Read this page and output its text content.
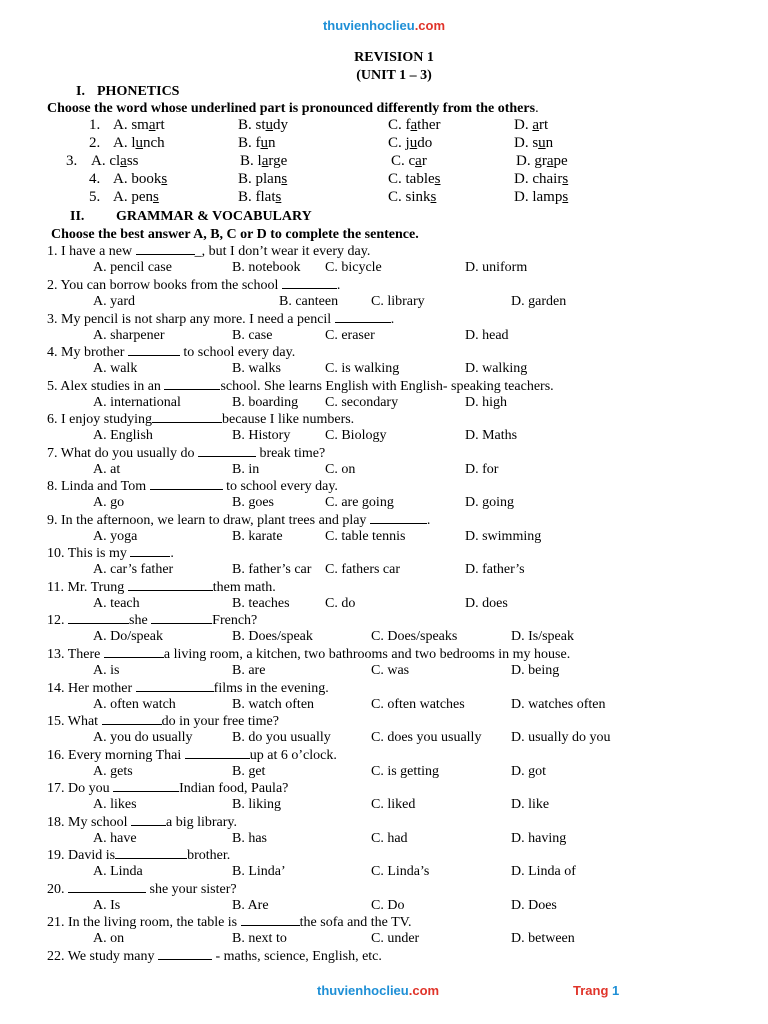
thuvienhoclieu.com
REVISION 1
(UNIT 1 – 3)
I. PHONETICS
Choose the word whose underlined part is pronounced differently from the others.
1. A. smart	B. study	C. father	D. art
2. A. lunch	B. fun	C. judo	D. sun
3. A. class	B. large	C. car	D. grape
4. A. books	B. plans	C. tables	D. chairs
5. A. pens	B. flats	C. sinks	D. lamps
II. GRAMMAR & VOCABULARY
Choose the best answer A, B, C or D to complete the sentence.
1. I have a new	_, but I don’t wear it every day.
A. pencil case	B. notebook C. bicycle	D. uniform
2. You can borrow books from the school	.
A. yard	B. canteen C. library	D. garden
3. My pencil is not sharp any more. I need a pencil	.
A. sharpener	B. case	C. eraser	D. head
4. My brother	to school every day.
A. walk	B. walks	C. is walking	D. walking
5. Alex studies in an	school. She learns English with English- speaking teachers.
A. international	B. boarding C. secondary	D. high
6. I enjoy studying	because I like numbers.
A. English	B. History C. Biology	D. Maths
7. What do you usually do	break time?
A. at	B. in	C. on	D. for
8. Linda and Tom	to school every day.
A. go	B. goes	C. are going	D. going
9. In the afternoon, we learn to draw, plant trees and play	.
A. yoga	B. karate	C. table tennis	D. swimming
10. This is my	.
A. car’s father	B. father’s car C. fathers car	D. father’s
11. Mr. Trung	them math.
A. teach	B. teaches	C. do	D. does
12.	she	French?
A. Do/speak	B. Does/speak	C. Does/speaks	D. Is/speak
13. There	a living room, a kitchen, two bathrooms and two bedrooms in my house.
A. is	B. are	C. was	D. being
14. Her mother	films in the evening.
A. often watch	B. watch often	C. often watches	D. watches often
15. What	do in your free time?
A. you do usually	B. do you usually	C. does you usually D. usually do you
16. Every morning Thai	up at 6 o’clock.
A. gets	B. get	C. is getting	D. got
17. Do you	Indian food, Paula?
A. likes	B. liking	C. liked	D. like
18. My school	a big library.
A. have	B. has	C. had	D. having
19. David is	brother.
A. Linda	B. Linda’	C. Linda’s	D. Linda of
20.	she your sister?
A. Is	B. Are	C. Do	D. Does
21. In the living room, the table is	the sofa and the TV.
A. on	B. next to	C. under	D. between
22. We study many	- maths, science, English, etc.
thuvienhoclieu.com	Trang 1
